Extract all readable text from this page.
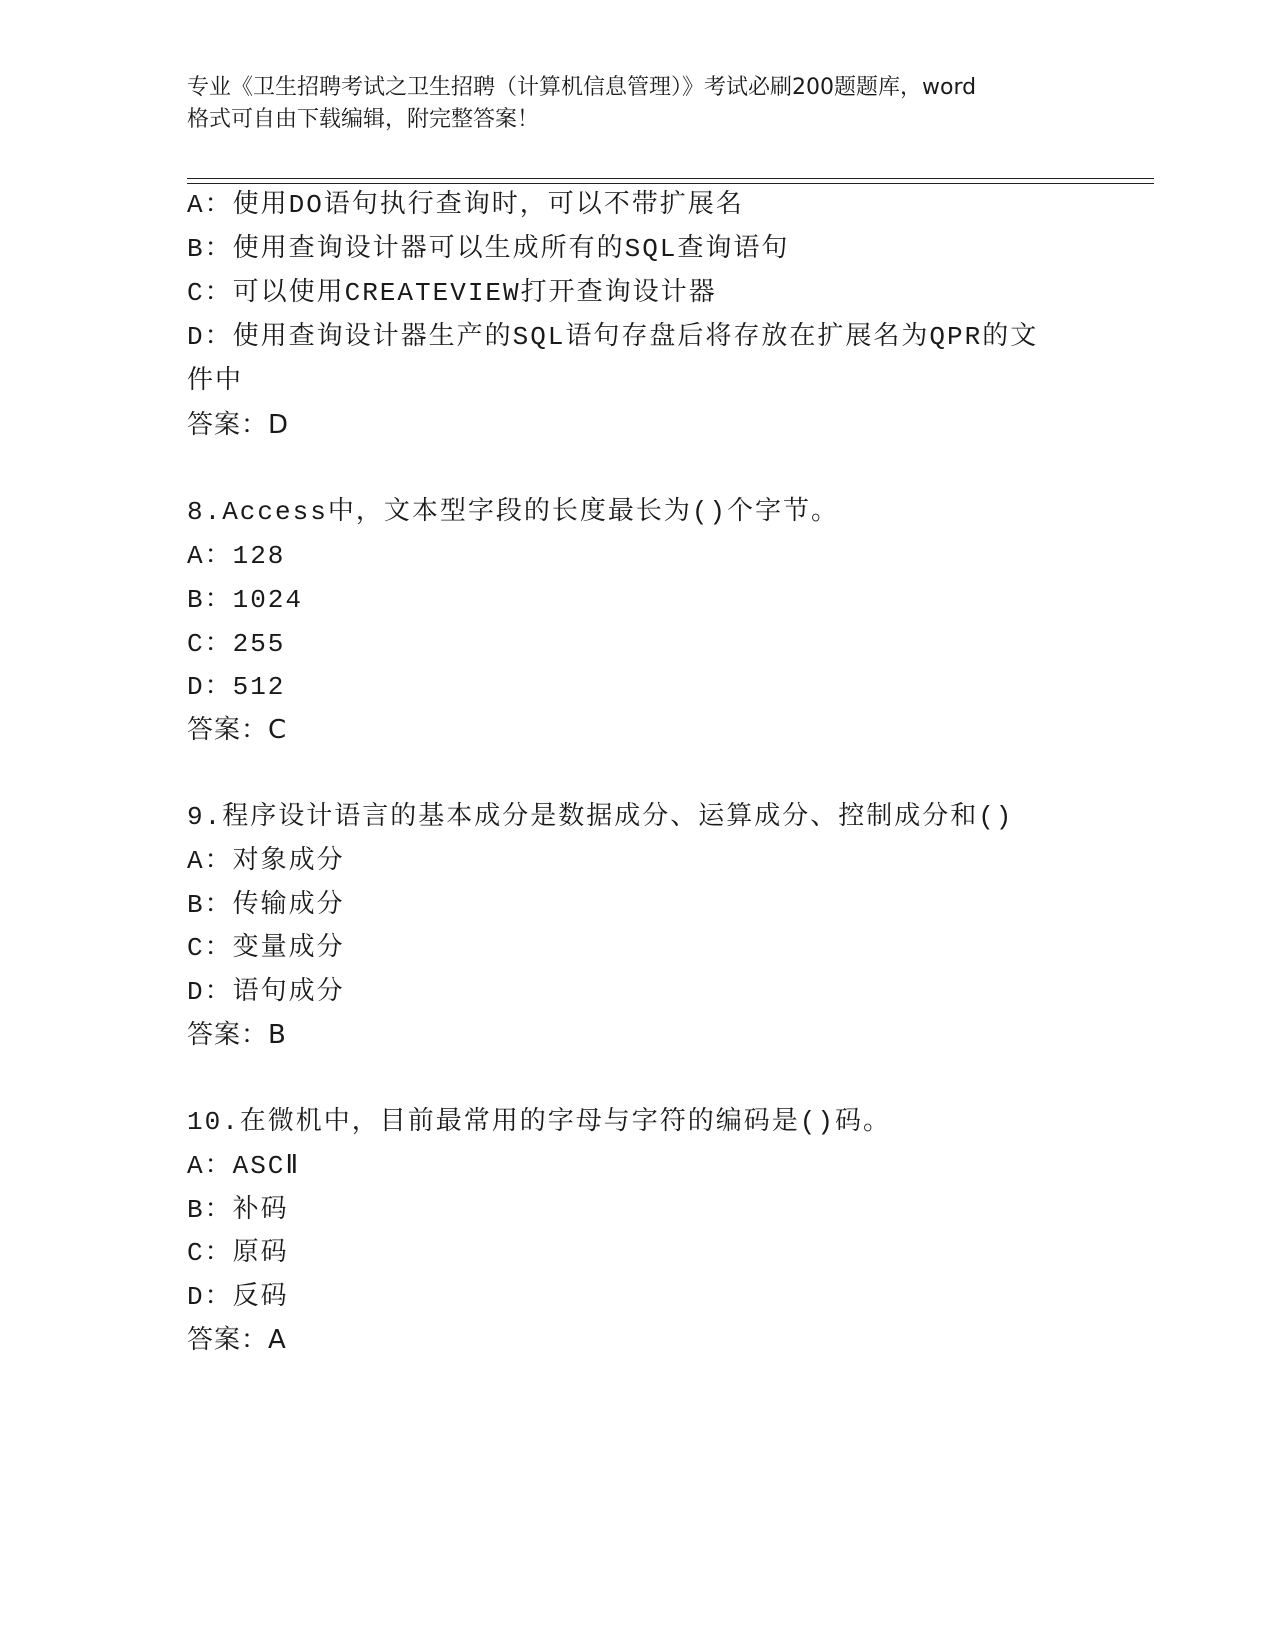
专业《卫生招聘考试之卫生招聘（计算机信息管理）》考试必刷200题题库，word
格式可自由下载编辑，附完整答案！
A：使用DO语句执行查询时，可以不带扩展名
B：使用查询设计器可以生成所有的SQL查询语句
C：可以使用CREATEVIEW打开查询设计器
D：使用查询设计器生产的SQL语句存盘后将存放在扩展名为QPR的文
件中
答案：D
8.Access中，文本型字段的长度最长为()个字节。
A：128
B：1024
C：255
D：512
答案：C
9.程序设计语言的基本成分是数据成分、运算成分、控制成分和()
A：对象成分
B：传输成分
C：变量成分
D：语句成分
答案：B
10.在微机中，目前最常用的字母与字符的编码是()码。
A：ASCⅡ
B：补码
C：原码
D：反码
答案：A
